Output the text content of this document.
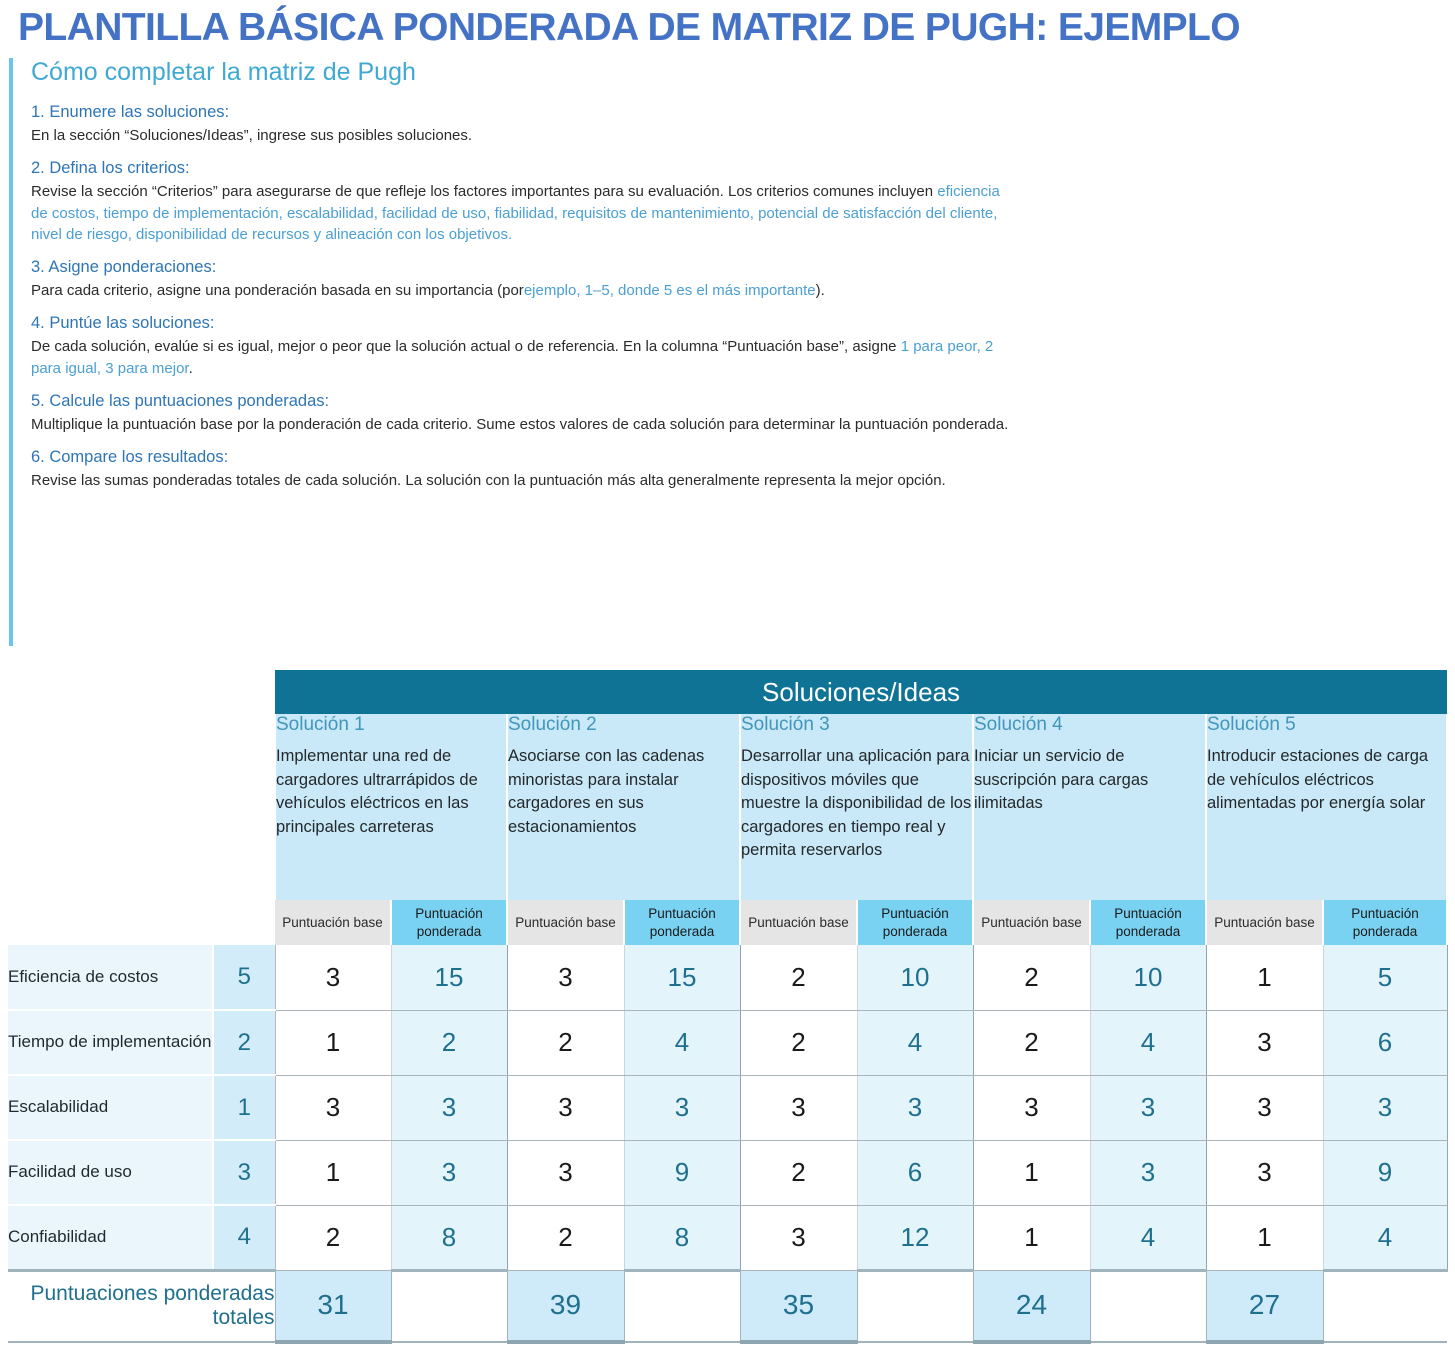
PLANTILLA BÁSICA PONDERADA DE MATRIZ DE PUGH: EJEMPLO
Cómo completar la matriz de Pugh
1. Enumere las soluciones:
En la sección “Soluciones/Ideas”, ingrese sus posibles soluciones.
2. Defina los criterios:
Revise la sección “Criterios” para asegurarse de que refleje los factores importantes para su evaluación. Los criterios comunes incluyen eficiencia de costos, tiempo de implementación, escalabilidad, facilidad de uso, fiabilidad, requisitos de mantenimiento, potencial de satisfacción del cliente, nivel de riesgo, disponibilidad de recursos y alineación con los objetivos.
3. Asigne ponderaciones:
Para cada criterio, asigne una ponderación basada en su importancia (porejemplo, 1–5, donde 5 es el más importante).
4. Puntúe las soluciones:
De cada solución, evalúe si es igual, mejor o peor que la solución actual o de referencia. En la columna “Puntuación base”, asigne 1 para peor, 2 para igual, 3 para mejor.
5. Calcule las puntuaciones ponderadas:
Multiplique la puntuación base por la ponderación de cada criterio. Sume estos valores de cada solución para determinar la puntuación ponderada.
6. Compare los resultados:
Revise las sumas ponderadas totales de cada solución. La solución con la puntuación más alta generalmente representa la mejor opción.
		Soluciones/Ideas									

Solución 1
Implementar una red de cargadores ultrarrápidos de vehículos eléctricos en las principales carreteras

Solución 2
Asociarse con las cadenas minoristas para instalar cargadores en sus estacionamientos

Solución 3
Desarrollar una aplicación para dispositivos móviles que muestre la disponibilidad de los cargadores en tiempo real y permita reservarlos

Solución 4
Iniciar un servicio de suscripción para cargas ilimitadas

Solución 5
Introducir estaciones de carga de vehículos eléctricos alimentadas por energía solar

		Puntuación base	Puntuación ponderada	Puntuación base	Puntuación ponderada	Puntuación base	Puntuación ponderada	Puntuación base	Puntuación ponderada	Puntuación base	Puntuación ponderada
Eficiencia de costos	5	3	15	3	15	2	10	2	10	1	5
Tiempo de implementación	2	1	2	2	4	2	4	2	4	3	6
Escalabilidad	1	3	3	3	3	3	3	3	3	3	3
Facilidad de uso	3	1	3	3	9	2	6	1	3	3	9
Confiabilidad	4	2	8	2	8	3	12	1	4	1	4
Puntuaciones ponderadas totales		31		39		35		24		27	
